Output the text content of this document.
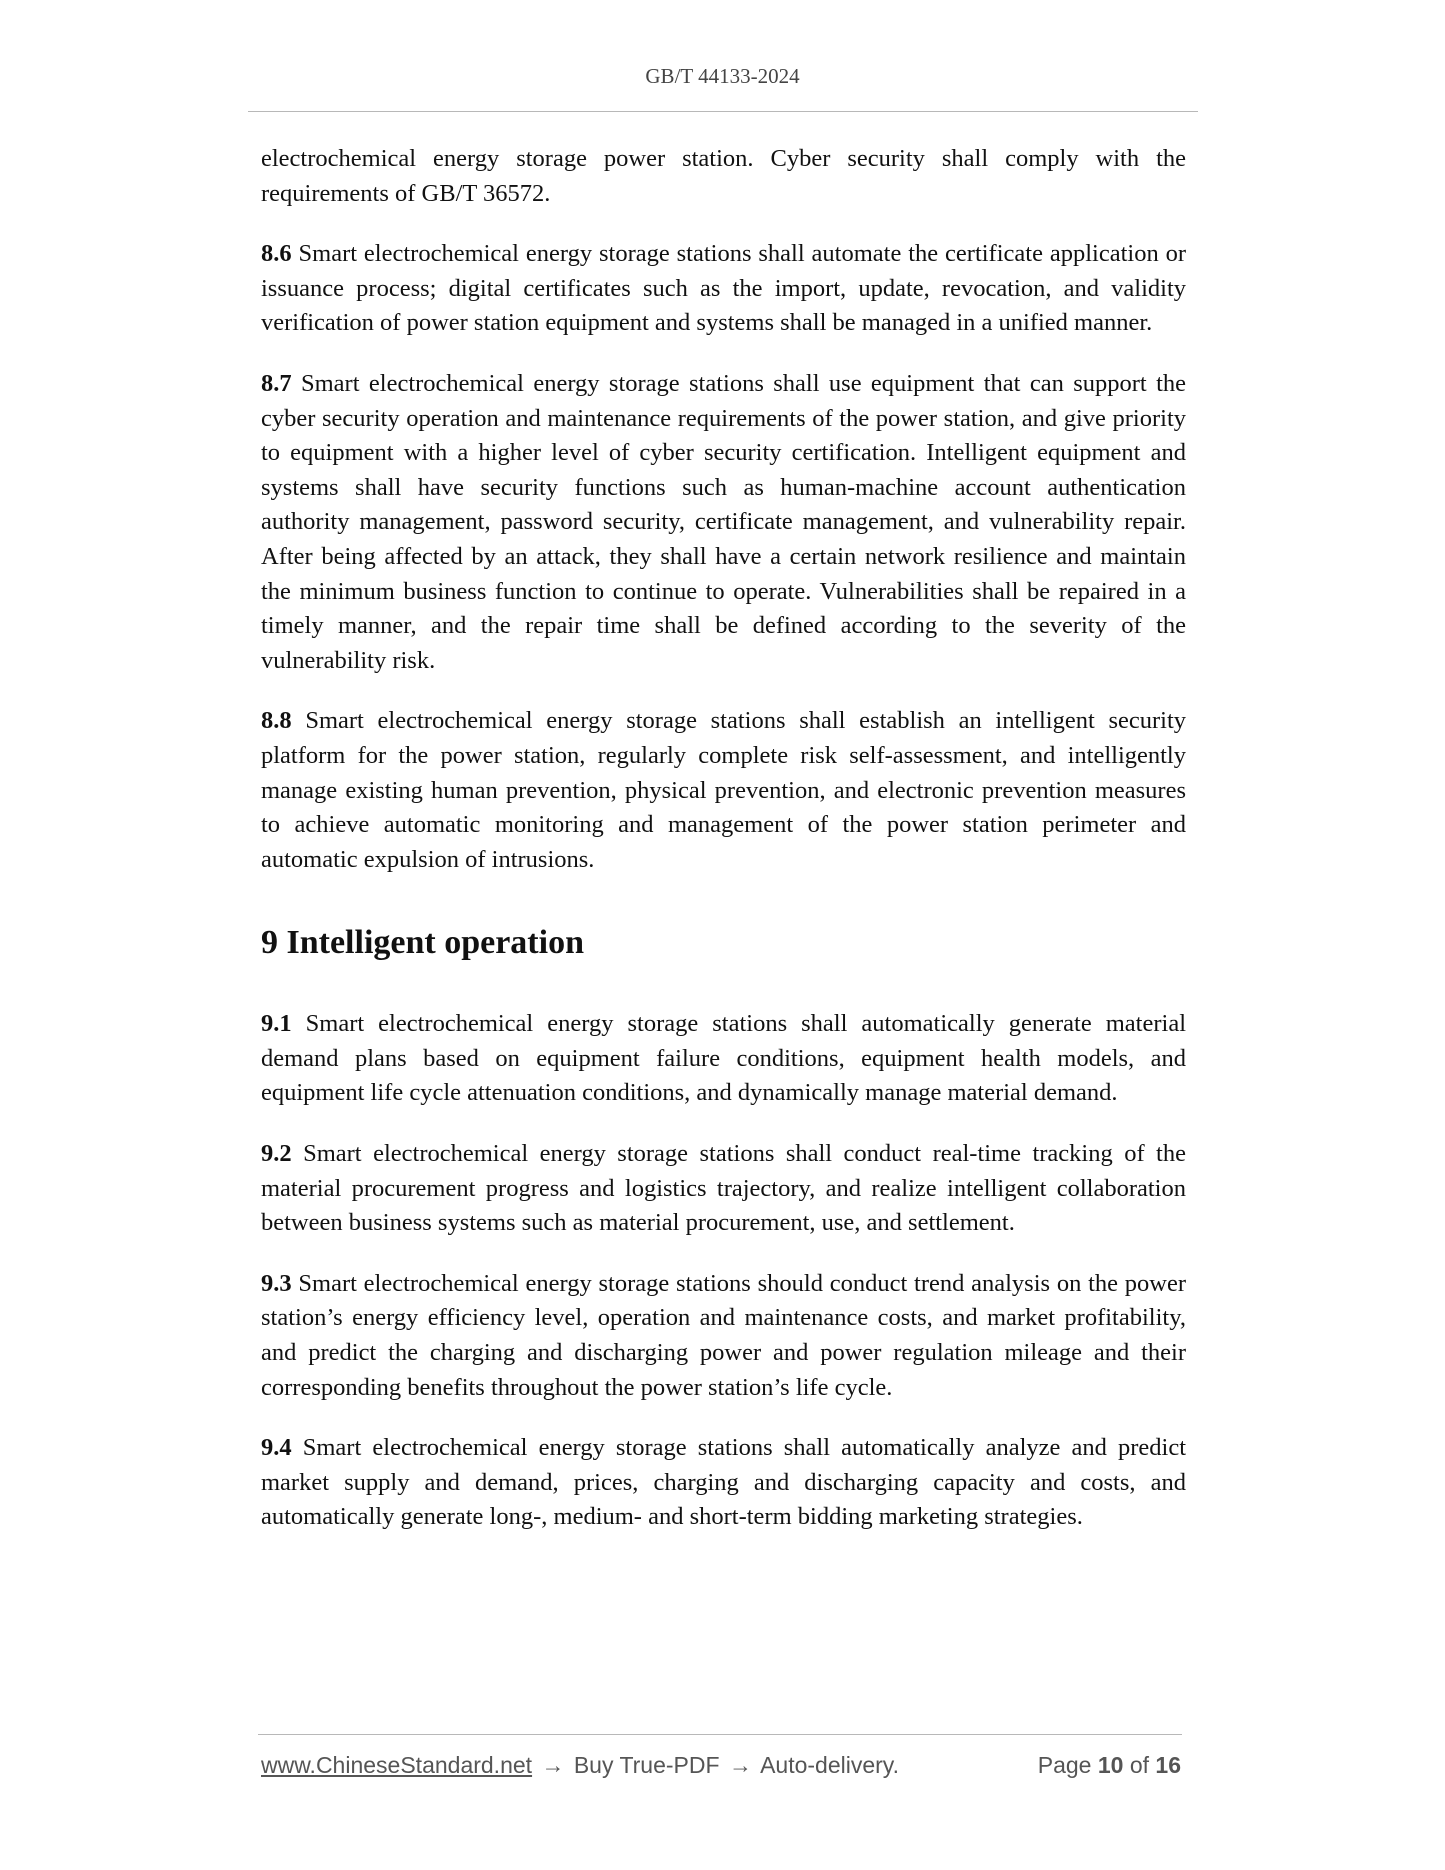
GB/T 44133-2024

electrochemical energy storage power station. Cyber security shall comply with the requirements of GB/T 36572.

8.6 Smart electrochemical energy storage stations shall automate the certificate application or issuance process; digital certificates such as the import, update, revocation, and validity verification of power station equipment and systems shall be managed in a unified manner.

8.7 Smart electrochemical energy storage stations shall use equipment that can support the cyber security operation and maintenance requirements of the power station, and give priority to equipment with a higher level of cyber security certification. Intelligent equipment and systems shall have security functions such as human-machine account authentication authority management, password security, certificate management, and vulnerability repair. After being affected by an attack, they shall have a certain network resilience and maintain the minimum business function to continue to operate. Vulnerabilities shall be repaired in a timely manner, and the repair time shall be defined according to the severity of the vulnerability risk.

8.8 Smart electrochemical energy storage stations shall establish an intelligent security platform for the power station, regularly complete risk self-assessment, and intelligently manage existing human prevention, physical prevention, and electronic prevention measures to achieve automatic monitoring and management of the power station perimeter and automatic expulsion of intrusions.

9 Intelligent operation

9.1 Smart electrochemical energy storage stations shall automatically generate material demand plans based on equipment failure conditions, equipment health models, and equipment life cycle attenuation conditions, and dynamically manage material demand.

9.2 Smart electrochemical energy storage stations shall conduct real-time tracking of the material procurement progress and logistics trajectory, and realize intelligent collaboration between business systems such as material procurement, use, and settlement.

9.3 Smart electrochemical energy storage stations should conduct trend analysis on the power station’s energy efficiency level, operation and maintenance costs, and market profitability, and predict the charging and discharging power and power regulation mileage and their corresponding benefits throughout the power station’s life cycle.

9.4 Smart electrochemical energy storage stations shall automatically analyze and predict market supply and demand, prices, charging and discharging capacity and costs, and automatically generate long-, medium- and short-term bidding marketing strategies.

www.ChineseStandard.net → Buy True-PDF → Auto-delivery.	Page 10 of 16
